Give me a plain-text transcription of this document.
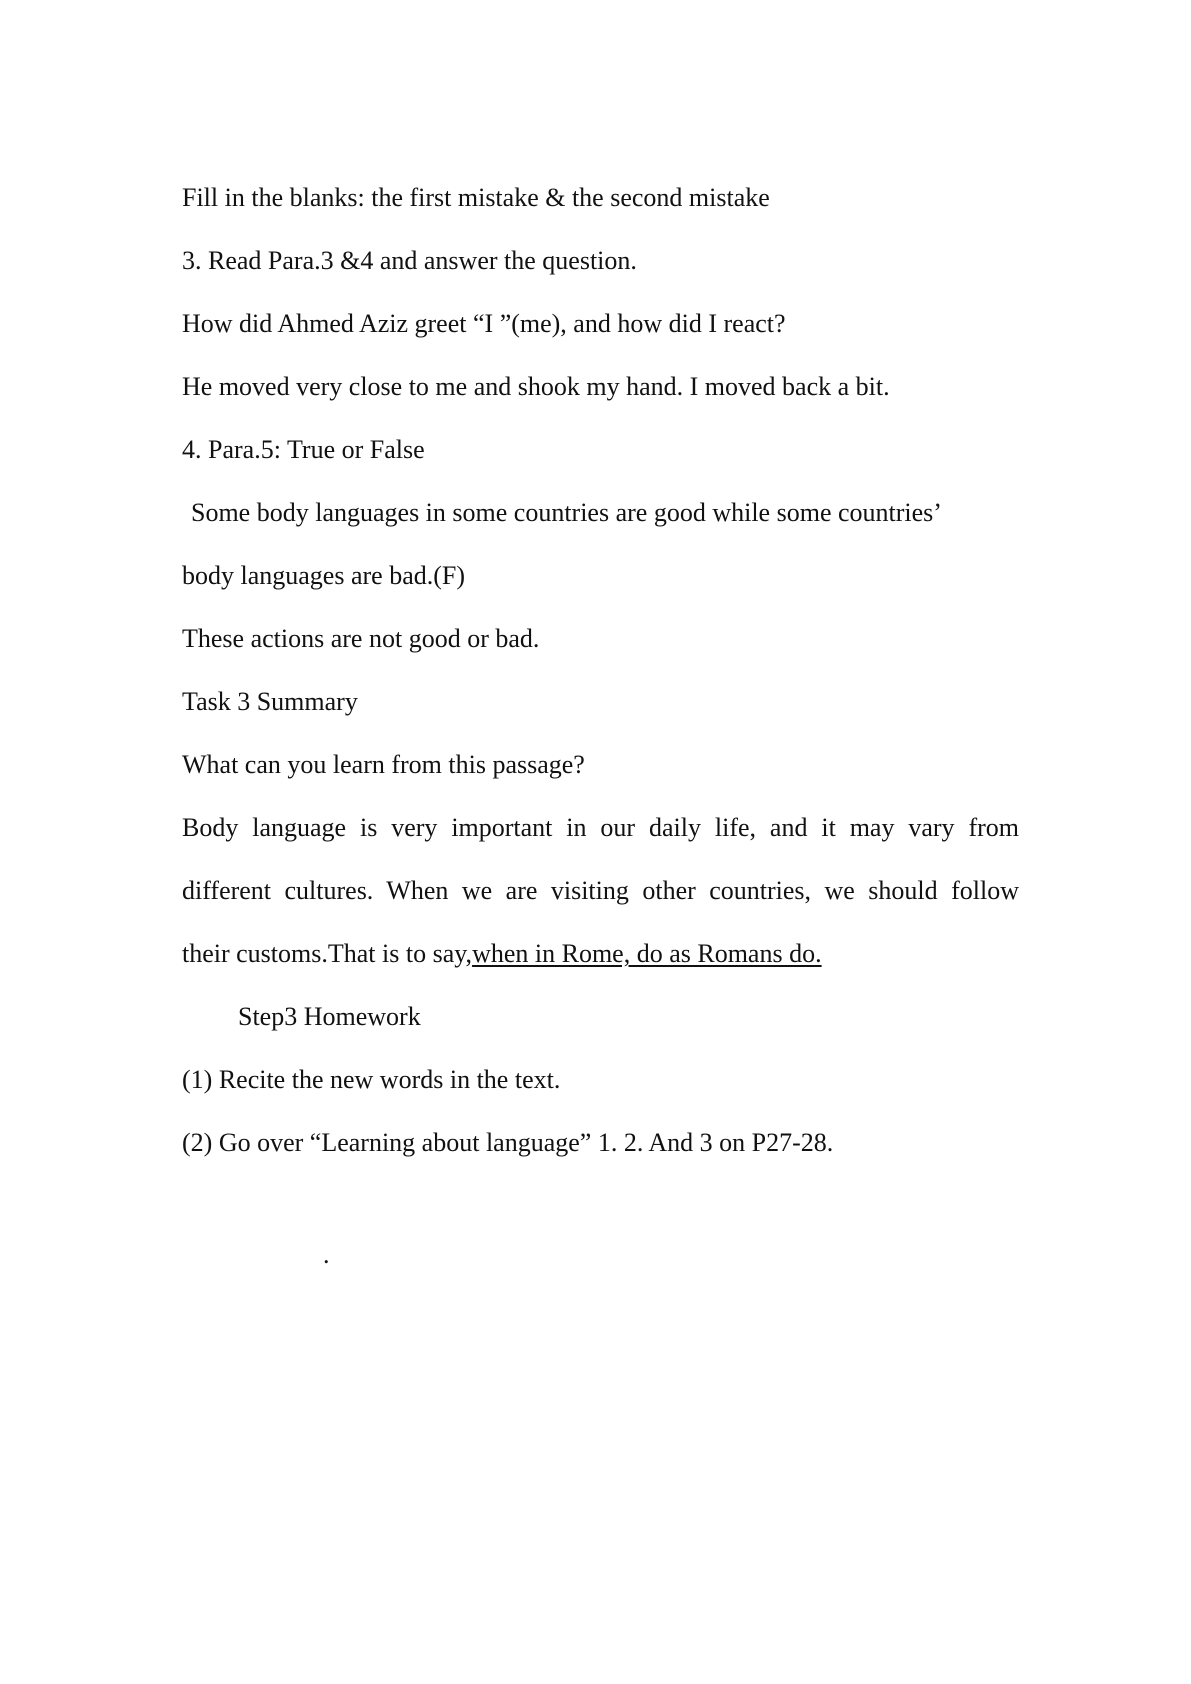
Fill in the blanks: the first mistake & the second mistake

3. Read Para.3 &4 and answer the question.

How did Ahmed Aziz greet “I ”(me), and how did I react?

He moved very close to me and shook my hand. I moved back a bit.

4. Para.5: True or False

Some body languages in some countries are good while some countries’

body languages are bad.(F)

These actions are not good or bad.

Task 3 Summary

What can you learn from this passage?

Body language is very important in our daily life, and it may vary from

different cultures. When we are visiting other countries, we should follow

their customs.That is to say,when in Rome, do as Romans do.

Step3 Homework

(1) Recite the new words in the text.

(2) Go over “Learning about language” 1. 2. And 3 on P27-28.

.
